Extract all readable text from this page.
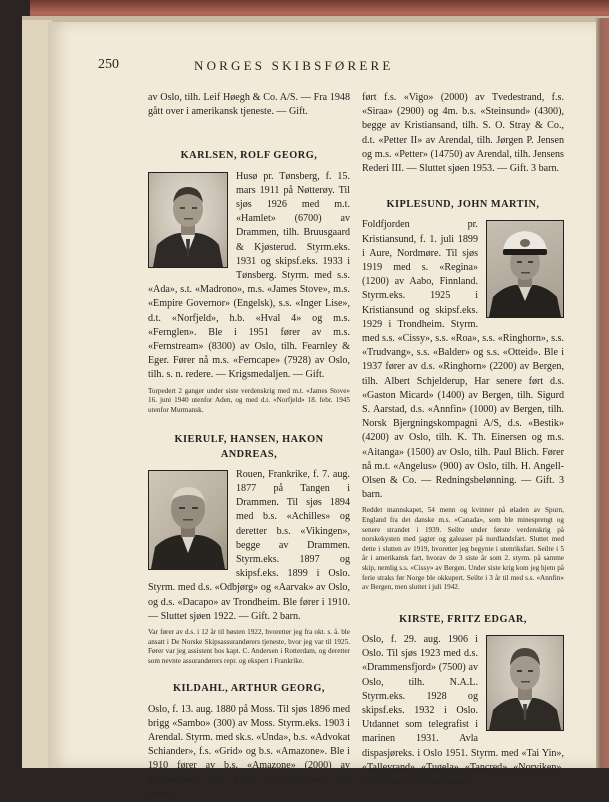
250	NORGES SKIBSFØRERE

av Oslo, tilh. Leif Høegh & Co. A/S. — Fra 1948 gått over i amerikansk tjeneste. — Gift.

KARLSEN, ROLF GEORG,

Husø pr. Tønsberg, f. 15. mars 1911 på Nøtterøy. Til sjøs 1926 med m.t. «Hamlet» (6700) av Drammen, tilh. Bruusgaard & Kjøsterud. Styrm.eks. 1931 og skipsf.eks. 1933 i Tønsberg. Styrm. med s.s. «Ada», s.t. «Madrono», m.s. «James Stove», m.s. «Empire Governor» (Engelsk), s.s. «Inger Lise», d.t. «Norfjeld», h.b. «Hval 4» og m.s. «Fernglen». Ble i 1951 fører av m.s. «Fernstream» (8300) av Oslo, tilh. Fearnley & Eger. Fører nå m.s. «Ferncape» (7928) av Oslo, tilh. s. n. redere. — Krigsmedaljen. — Gift.

Torpedert 2 ganger under siste verdenskrig med m.t. «James Stove» 16. juni 1940 utenfor Aden, og med d.t. «Norfjeld» 18. febr. 1945 utenfor Murmansk.

KIERULF, HANSEN, HAKON ANDREAS,

Rouen, Frankrike, f. 7. aug. 1877 på Tangen i Drammen. Til sjøs 1894 med b.s. «Achilles» og deretter b.s. «Vikingen», begge av Drammen. Styrm.eks. 1897 og skipsf.eks. 1899 i Oslo. Styrm. med d.s. «Odbjørg» og «Aarvak» av Oslo, og d.s. «Dacapo» av Trondheim. Ble fører i 1910. — Sluttet sjøen 1922. — Gift. 2 barn.

Var fører av d.s. i 12 år til høsten 1922, hvoretter jeg fra okt. s. å. ble ansatt i De Norske Skipsassurandørers tjeneste, hvor jeg var til 1925. Fører var jeg assistent hos kapt. C. Andersen i Rotterdam, og deretter som nevnte assurandørers repr. og ekspert i Frankrike.

KILDAHL, ARTHUR GEORG,

Oslo, f. 13. aug. 1880 på Moss. Til sjøs 1896 med brigg «Sambo» (300) av Moss. Styrm.eks. 1903 i Arendal. Styrm. med sk.s. «Unda», b.s. «Advokat Schiander», f.s. «Grid» og b.s. «Amazone». Ble i 1910 fører av b.s. «Amazone» (2000) av Tvedestrand, tilh. Peder Christoffersen. Har senere

ført f.s. «Vigo» (2000) av Tvedestrand, f.s. «Siraa» (2900) og 4m. b.s. «Steinsund» (4300), begge av Kristiansand, tilh. S. O. Stray & Co., d.t. «Petter II» av Arendal, tilh. Jørgen P. Jensen og m.s. «Petter» (14750) av Arendal, tilh. Jensens Rederi III. — Sluttet sjøen 1953. — Gift. 3 barn.

KIPLESUND, JOHN MARTIN,

Foldfjorden pr. Kristiansund, f. 1. juli 1899 i Aure, Nordmøre. Til sjøs 1919 med s. «Regina» (1200) av Aabo, Finnland. Styrm.eks. 1925 i Kristiansund og skipsf.eks. 1929 i Trondheim. Styrm. med s.s. «Cissy», s.s. «Roa», s.s. «Ringhorn», s.s. «Trudvang», s.s. «Balder» og s.s. «Otteid». Ble i 1937 fører av d.s. «Ringhorn» (2200) av Bergen, tilh. Albert Schjelderup, Har senere ført d.s. «Gaston Micard» (1400) av Bergen, tilh. Sigurd S. Aarstad, d.s. «Annfin» (1000) av Bergen, tilh. Norsk Bjergningskompagni A/S, d.s. «Bestik» (4200) av Oslo, tilh. K. Th. Einersen og m.s. «Aitanga» (1500) av Oslo, tilh. Paul Blich. Fører nå m.t. «Angelus» (900) av Oslo, tilh. H. Angell-Olsen & Co. — Redningsbelønning. — Gift. 3 barn.

Reddet mannskapet, 54 menn og kvinner på øladen av Spurn, England fra det danske m.s. «Canada», som ble minesprengt og senere strandet i 1939. Seilte under første verdenskrig på norskekysten med jagter og galeaser på nordlandsfart. Sluttet med dette i slutten av 1919, hvoretter jeg begynte i utenriksfart. Seilte i 5 år i amerikansk fart, hvorav de 3 siste år som 2. styrm. på samme skip, nemlig s.s. «Cissy» av Bergen. Under siste krig kom jeg hjem på ferie straks før Norge ble okkupert. Seilte i 3 år til med s.s. «Annfin» av Bergen, men sluttet i juli 1942.

KIRSTE, FRITZ EDGAR,

Oslo, f. 29. aug. 1906 i Oslo. Til sjøs 1923 med d.s. «Drammensfjord» (7500) av Oslo, tilh. N.A.L. Styrm.eks. 1928 og skipsf.eks. 1932 i Oslo. Utdannet som telegrafist i marinen 1931. Avla dispasjøreks. i Oslo 1951. Styrm. med «Tai Yin», «Talleyrand», «Tugela», «Tancred», «Norviken», «Solviken», «Kronviken»,
